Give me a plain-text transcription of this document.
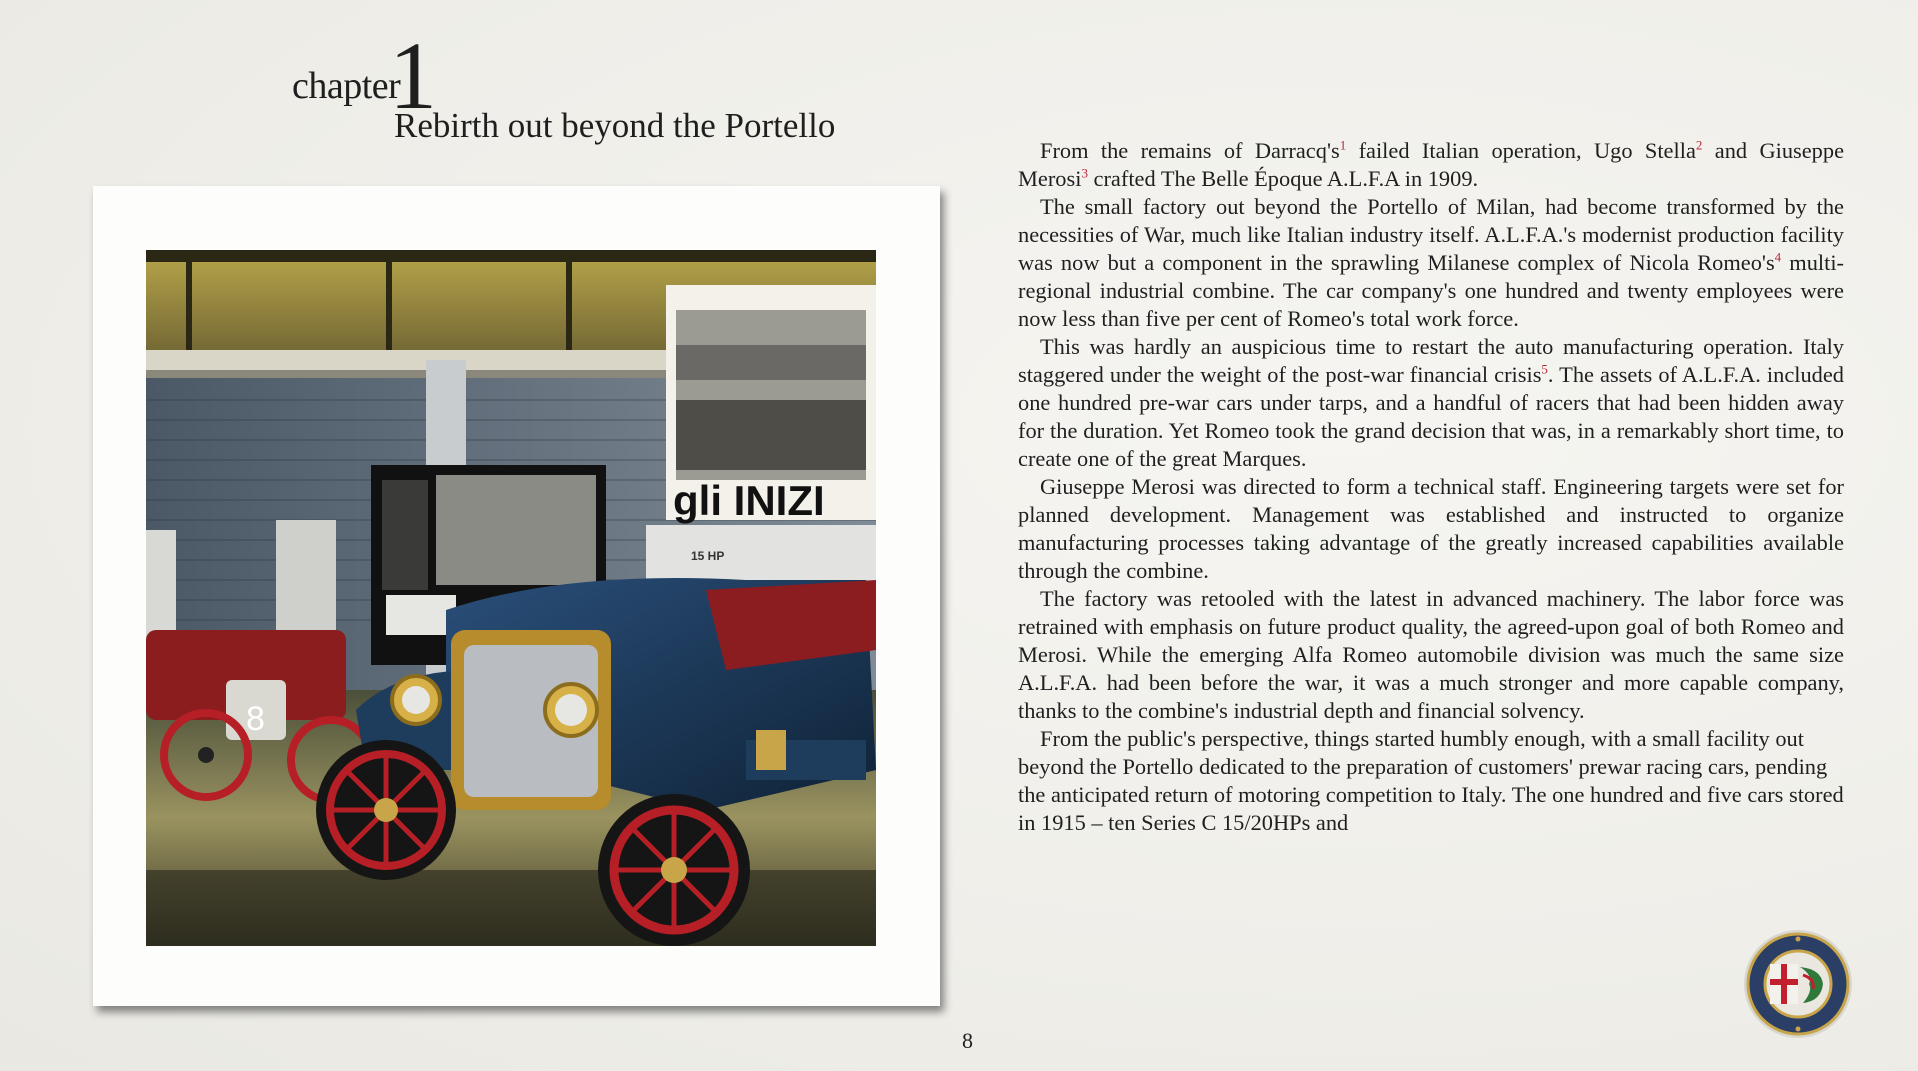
chapter
1
Rebirth out beyond the Portello
gli INIZI
15 HP
8

From the remains of Darracq's$^1$ failed Italian operation, Ugo Stella$^2$ and Giuseppe Merosi$^3$ crafted The Belle Époque A.L.F.A in 1909.

The small factory out beyond the Portello of Milan, had become transformed by the necessities of War, much like Italian industry itself. A.L.F.A.'s modernist production facility was now but a component in the sprawling Milanese complex of Nicola Romeo's$^4$ multi-regional industrial combine. The car company's one hundred and twenty employees were now less than five per cent of Romeo's total work force.

This was hardly an auspicious time to restart the auto manufacturing operation. Italy staggered under the weight of the post-war financial crisis$^5$. The assets of A.L.F.A. included one hundred pre-war cars under tarps, and a handful of racers that had been hidden away for the duration. Yet Romeo took the grand decision that was, in a remarkably short time, to create one of the great Marques.

Giuseppe Merosi was directed to form a technical staff. Engineering targets were set for planned development. Management was established and instructed to organize manufacturing processes taking advantage of the greatly increased capabilities available through the combine.

The factory was retooled with the latest in advanced machinery. The labor force was retrained with emphasis on future product quality, the agreed-upon goal of both Romeo and Merosi. While the emerging Alfa Romeo automobile division was much the same size A.L.F.A. had been before the war, it was a much stronger and more capable company, thanks to the combine's industrial depth and financial solvency.

From the public's perspective, things started humbly enough, with a small facility out beyond the Portello dedicated to the preparation of customers' prewar racing cars, pending the anticipated return of motoring competition to Italy. The one hundred and five cars stored in 1915 – ten Series C 15/20HPs and

8
